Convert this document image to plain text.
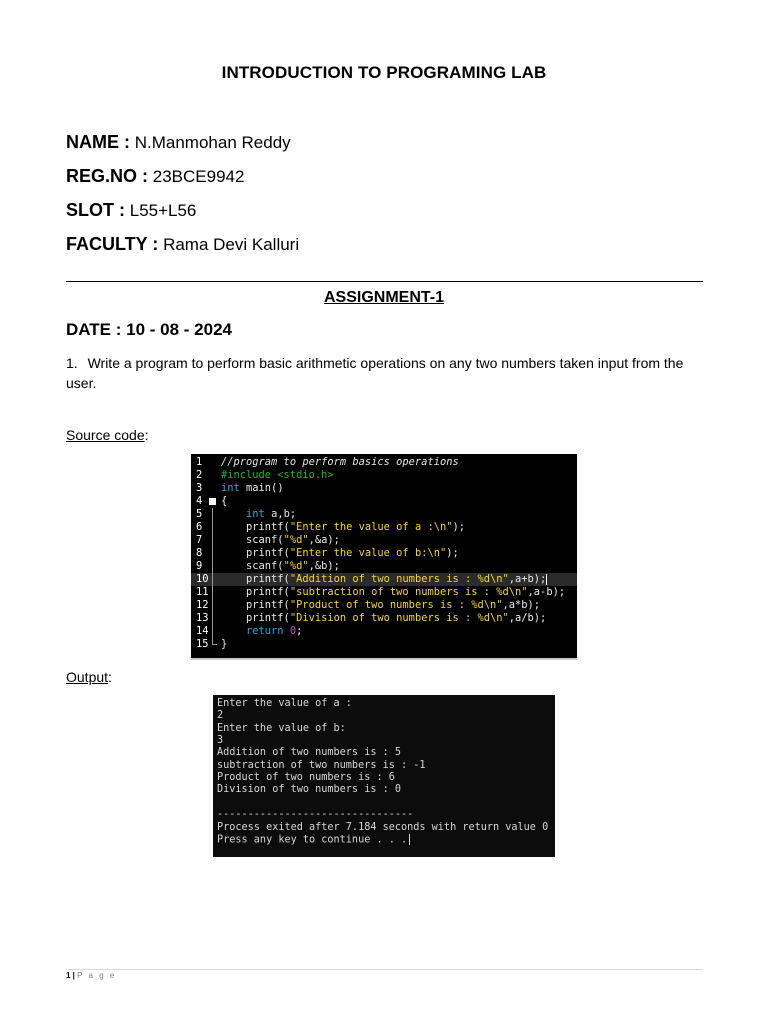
INTRODUCTION TO PROGRAMING LAB
NAME : N.Manmohan Reddy
REG.NO : 23BCE9942
SLOT : L55+L56
FACULTY : Rama Devi Kalluri
ASSIGNMENT-1
DATE : 10 - 08 - 2024
1. Write a program to perform basic arithmetic operations on any two numbers taken input from the user.
Source code:
1	//program to perform basics operations
2	#include <stdio.h>
3	int main()
4	{
5	int a,b;
6	printf("Enter the value of a :\n");
7	scanf("%d",&a);
8	printf("Enter the value of b:\n");
9	scanf("%d",&b);
10 printf("Addition of two numbers is : %d\n",a+b);
11 printf("subtraction of two numbers is : %d\n",a-b);
12 printf("Product of two numbers is : %d\n",a*b);
13 printf("Division of two numbers is : %d\n",a/b);
14	return 0;
15 }
Output:
Enter the value of a :
2
Enter the value of b:
3
Addition of two numbers is : 5
subtraction of two numbers is : -1
Product of two numbers is : 6
Division of two numbers is : 0
--------------------------------
Process exited after 7.184 seconds with return value 0
Press any key to continue . . .
1 | P a g e
